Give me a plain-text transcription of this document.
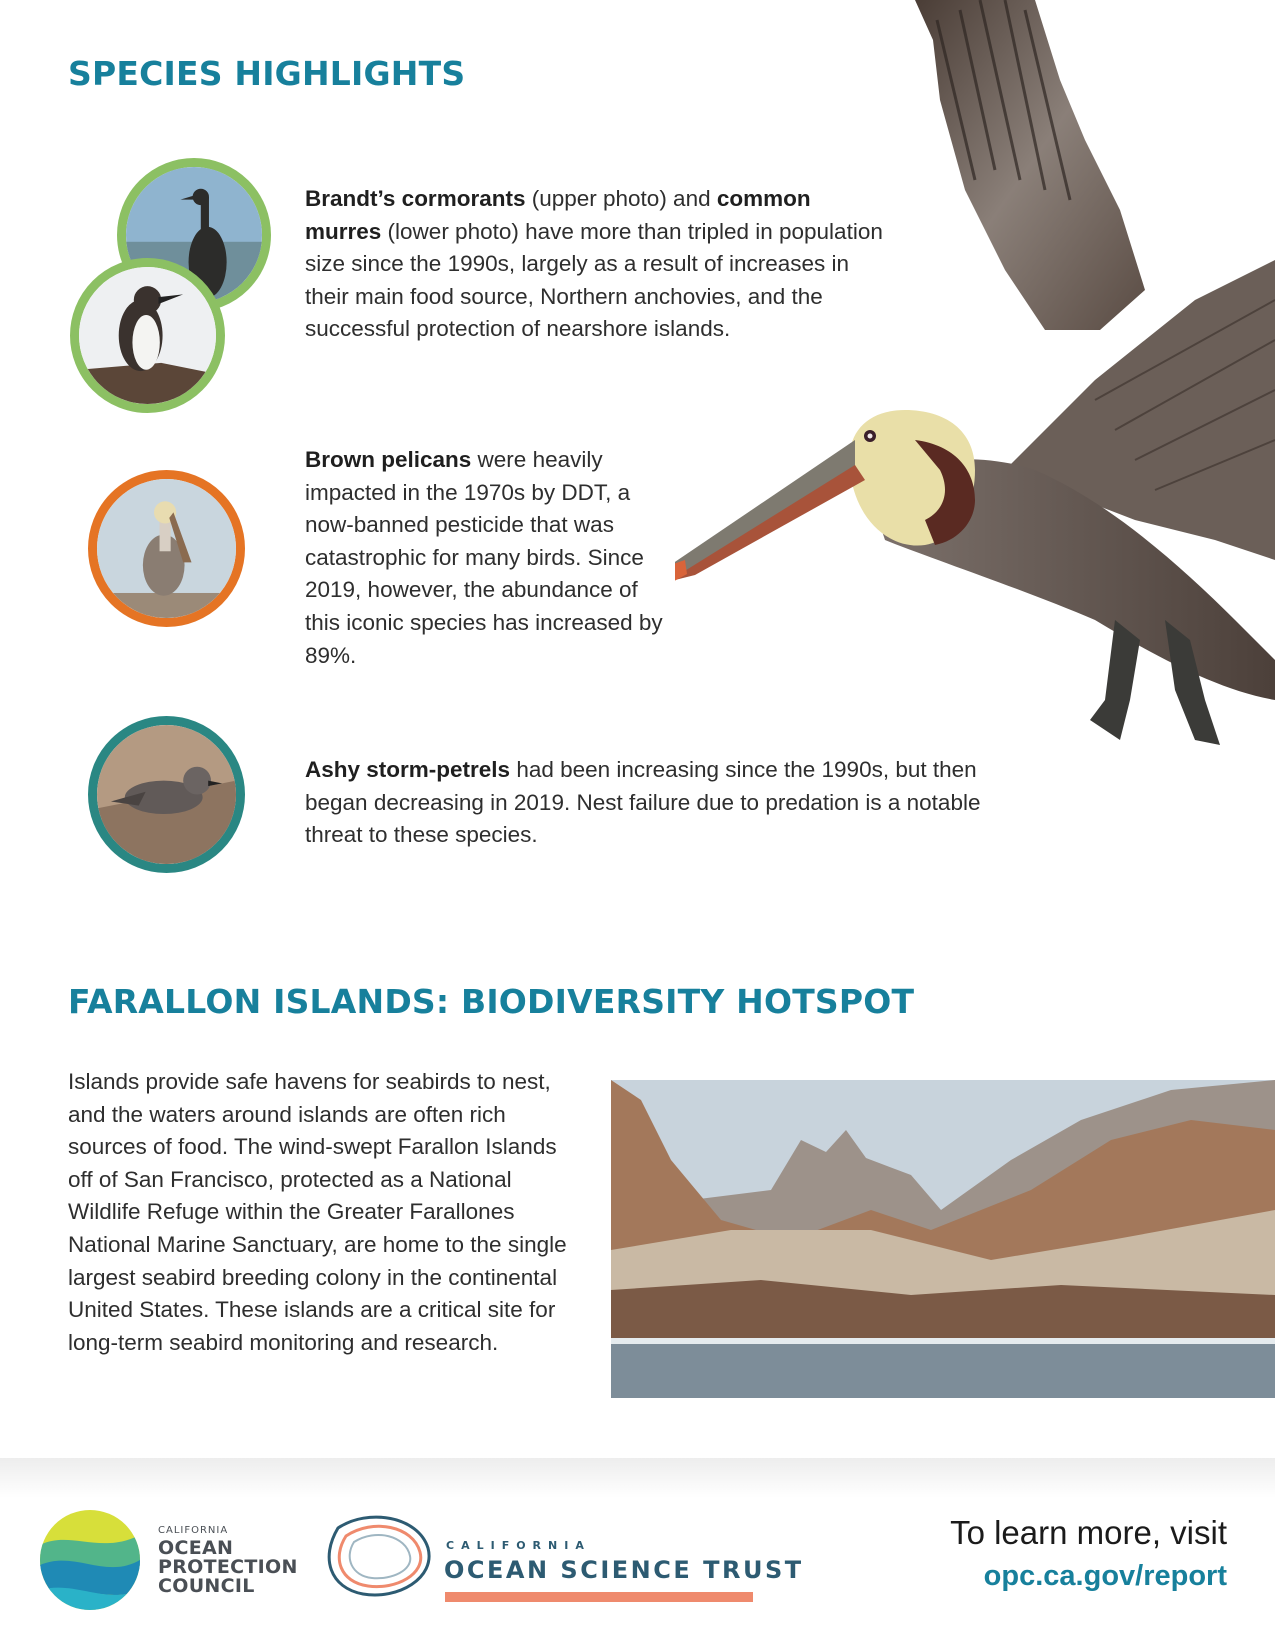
SPECIES HIGHLIGHTS

Brandt’s cormorants (upper photo) and common murres (lower photo) have more than tripled in population size since the 1990s, largely as a result of increases in their main food source, Northern anchovies, and the successful protection of nearshore islands.

Brown pelicans were heavily impacted in the 1970s by DDT, a now-banned pesticide that was catastrophic for many birds. Since 2019, however, the abundance of this iconic species has increased by 89%.

Ashy storm-petrels had been increasing since the 1990s, but then began decreasing in 2019. Nest failure due to predation is a notable threat to these species.

FARALLON ISLANDS: BIODIVERSITY HOTSPOT

Islands provide safe havens for seabirds to nest, and the waters around islands are often rich sources of food. The wind-swept Farallon Islands off of San Francisco, protected as a National Wildlife Refuge within the Greater Farallones National Marine Sanctuary, are home to the single largest seabird breeding colony in the continental United States. These islands are a critical site for long-term seabird monitoring and research.

CALIFORNIA
OCEAN
PROTECTION
COUNCIL
CALIFORNIA
OCEAN SCIENCE TRUST
To learn more, visit
opc.ca.gov/report
